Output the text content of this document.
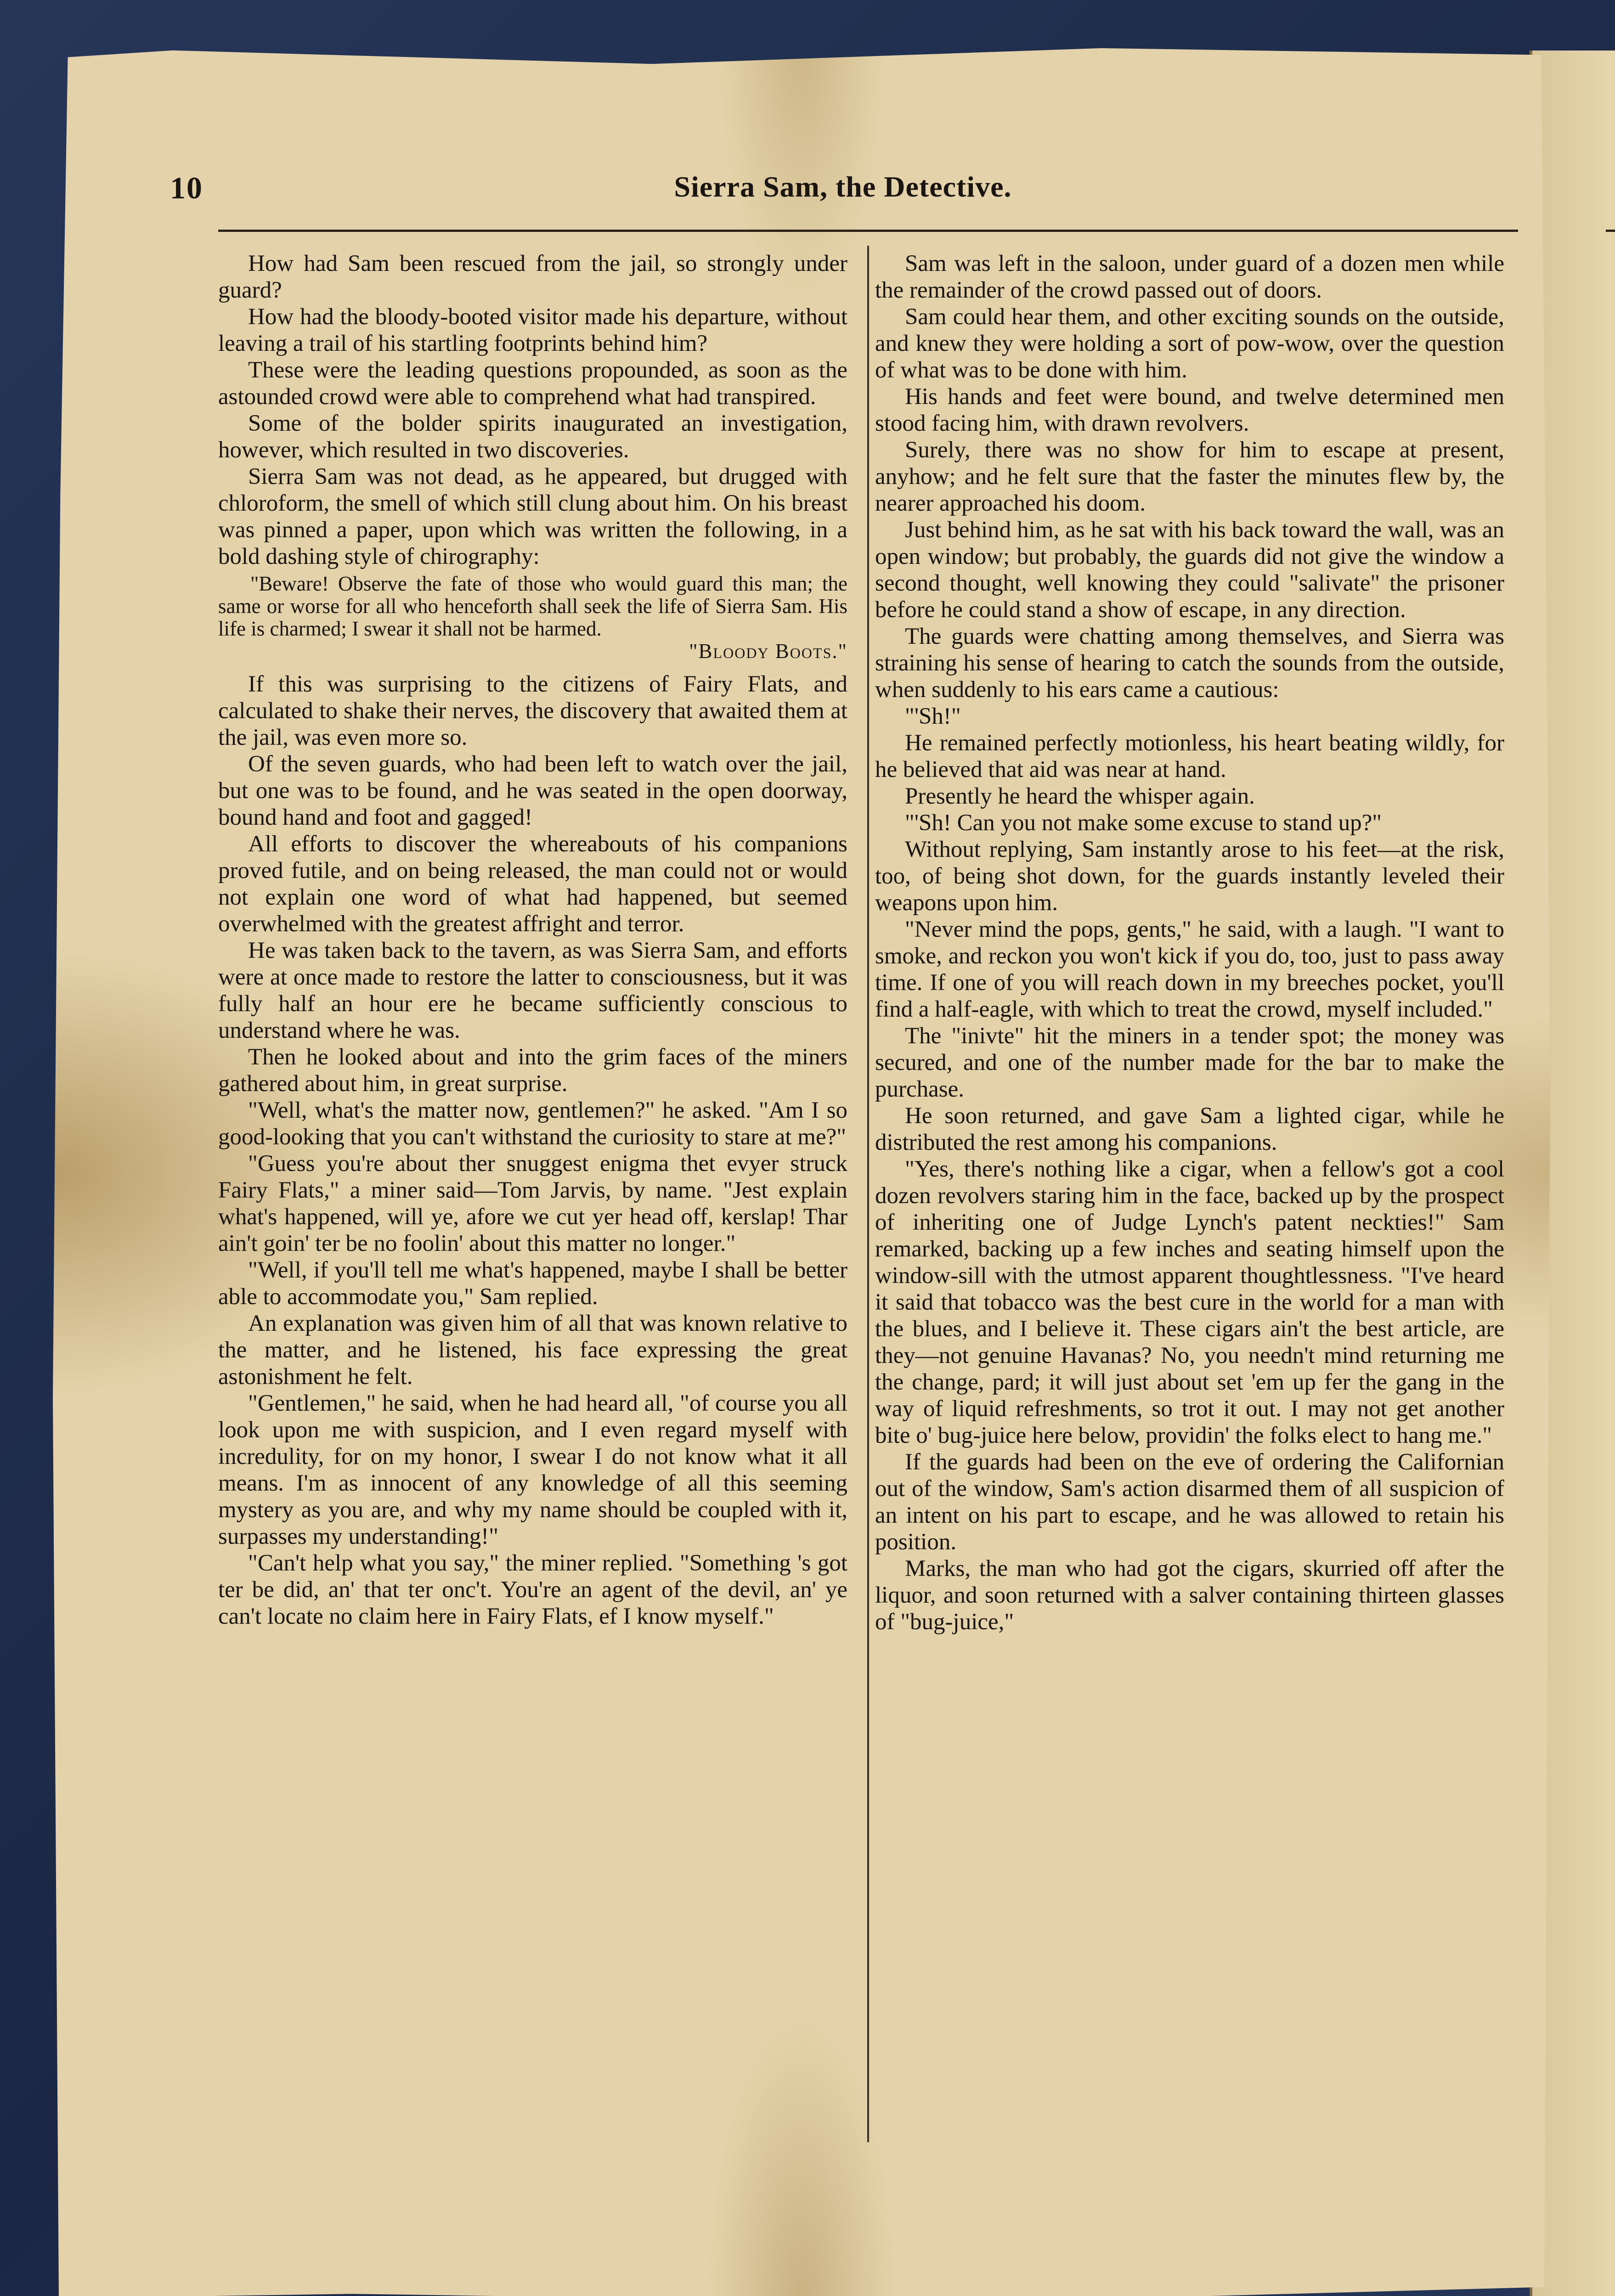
10	Sierra Sam, the Detective.

How had Sam been rescued from the jail, so strongly under guard?

How had the bloody-booted visitor made his departure, without leaving a trail of his startling footprints behind him?

These were the leading questions propounded, as soon as the astounded crowd were able to comprehend what had transpired.

Some of the bolder spirits inaugurated an investigation, however, which resulted in two discoveries.

Sierra Sam was not dead, as he appeared, but drugged with chloroform, the smell of which still clung about him. On his breast was pinned a paper, upon which was written the following, in a bold dashing style of chirography:

"Beware! Observe the fate of those who would guard this man; the same or worse for all who henceforth shall seek the life of Sierra Sam. His life is charmed; I swear it shall not be harmed.
"Bloody Boots."

If this was surprising to the citizens of Fairy Flats, and calculated to shake their nerves, the discovery that awaited them at the jail, was even more so.

Of the seven guards, who had been left to watch over the jail, but one was to be found, and he was seated in the open doorway, bound hand and foot and gagged!

All efforts to discover the whereabouts of his companions proved futile, and on being released, the man could not or would not explain one word of what had happened, but seemed overwhelmed with the greatest affright and terror.

He was taken back to the tavern, as was Sierra Sam, and efforts were at once made to restore the latter to consciousness, but it was fully half an hour ere he became sufficiently conscious to understand where he was.

Then he looked about and into the grim faces of the miners gathered about him, in great surprise.

"Well, what's the matter now, gentlemen?" he asked. "Am I so good-looking that you can't withstand the curiosity to stare at me?"

"Guess you're about ther snuggest enigma thet evyer struck Fairy Flats," a miner said—Tom Jarvis, by name. "Jest explain what's happened, will ye, afore we cut yer head off, kerslap! Thar ain't goin' ter be no foolin' about this matter no longer."

"Well, if you'll tell me what's happened, maybe I shall be better able to accommodate you," Sam replied.

An explanation was given him of all that was known relative to the matter, and he listened, his face expressing the great astonishment he felt.

"Gentlemen," he said, when he had heard all, "of course you all look upon me with suspicion, and I even regard myself with incredulity, for on my honor, I swear I do not know what it all means. I'm as innocent of any knowledge of all this seeming mystery as you are, and why my name should be coupled with it, surpasses my understanding!"

"Can't help what you say," the miner replied. "Something 's got ter be did, an' that ter onc't. You're an agent of the devil, an' ye can't locate no claim here in Fairy Flats, ef I know myself."

Sam was left in the saloon, under guard of a dozen men while the remainder of the crowd passed out of doors.

Sam could hear them, and other exciting sounds on the outside, and knew they were holding a sort of pow-wow, over the question of what was to be done with him.

His hands and feet were bound, and twelve determined men stood facing him, with drawn revolvers.

Surely, there was no show for him to escape at present, anyhow; and he felt sure that the faster the minutes flew by, the nearer approached his doom.

Just behind him, as he sat with his back toward the wall, was an open window; but probably, the guards did not give the window a second thought, well knowing they could "salivate" the prisoner before he could stand a show of escape, in any direction.

The guards were chatting among themselves, and Sierra was straining his sense of hearing to catch the sounds from the outside, when suddenly to his ears came a cautious:

"'Sh!"

He remained perfectly motionless, his heart beating wildly, for he believed that aid was near at hand.

Presently he heard the whisper again.

"'Sh! Can you not make some excuse to stand up?"

Without replying, Sam instantly arose to his feet—at the risk, too, of being shot down, for the guards instantly leveled their weapons upon him.

"Never mind the pops, gents," he said, with a laugh. "I want to smoke, and reckon you won't kick if you do, too, just to pass away time. If one of you will reach down in my breeches pocket, you'll find a half-eagle, with which to treat the crowd, myself included."

The "inivte" hit the miners in a tender spot; the money was secured, and one of the number made for the bar to make the purchase.

He soon returned, and gave Sam a lighted cigar, while he distributed the rest among his companions.

"Yes, there's nothing like a cigar, when a fellow's got a cool dozen revolvers staring him in the face, backed up by the prospect of inheriting one of Judge Lynch's patent neckties!" Sam remarked, backing up a few inches and seating himself upon the window-sill with the utmost apparent thoughtlessness. "I've heard it said that tobacco was the best cure in the world for a man with the blues, and I believe it. These cigars ain't the best article, are they—not genuine Havanas? No, you needn't mind returning me the change, pard; it will just about set 'em up fer the gang in the way of liquid refreshments, so trot it out. I may not get another bite o' bug-juice here below, providin' the folks elect to hang me."

If the guards had been on the eve of ordering the Californian out of the window, Sam's action disarmed them of all suspicion of an intent on his part to escape, and he was allowed to retain his position.

Marks, the man who had got the cigars, skurried off after the liquor, and soon returned with a salver containing thirteen glasses of "bug-juice,"
